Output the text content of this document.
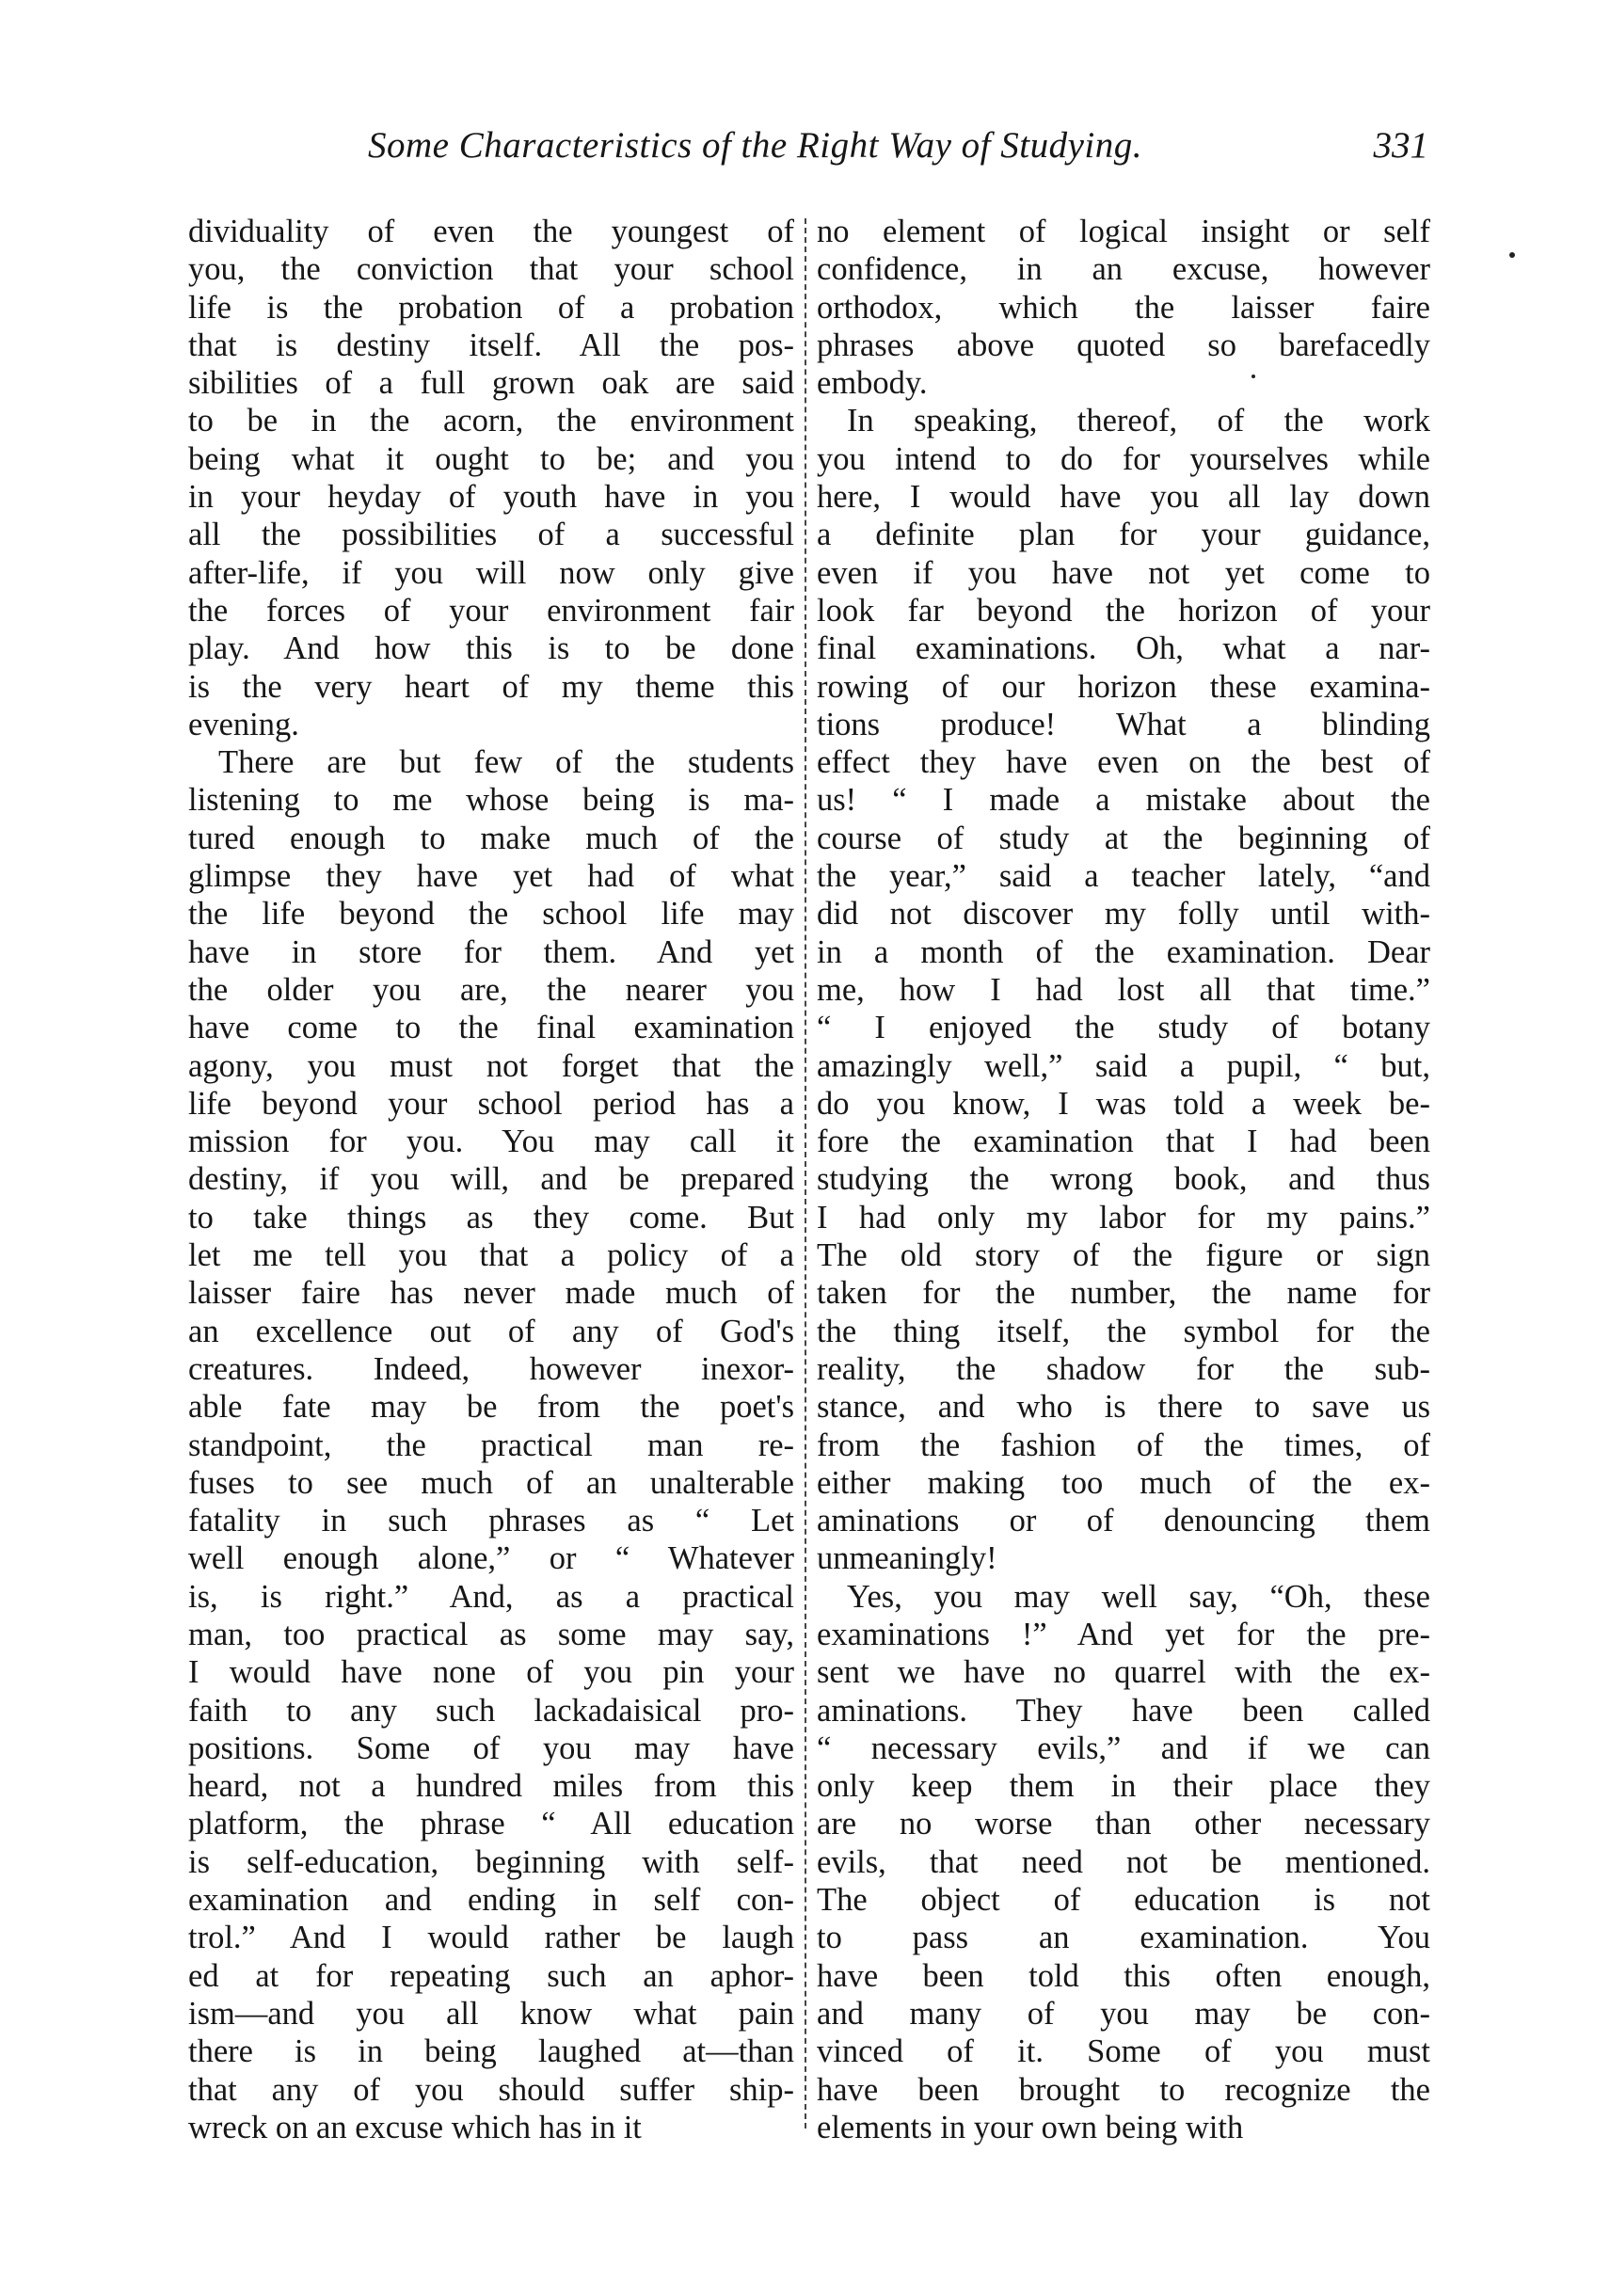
Some Characteristics of the Right Way of Studying.	331
dividuality of even the youngest of
you, the conviction that your school
life is the probation of a probation
that is destiny itself. All the pos-
sibilities of a full grown oak are said
to be in the acorn, the environment
being what it ought to be; and you
in your heyday of youth have in you
all the possibilities of a successful
after-life, if you will now only give
the forces of your environment fair
play. And how this is to be done
is the very heart of my theme this
evening.
There are but few of the students
listening to me whose being is ma-
tured enough to make much of the
glimpse they have yet had of what
the life beyond the school life may
have in store for them. And yet
the older you are, the nearer you
have come to the final examination
agony, you must not forget that the
life beyond your school period has a
mission for you. You may call it
destiny, if you will, and be prepared
to take things as they come. But
let me tell you that a policy of a
laisser faire has never made much of
an excellence out of any of God's
creatures. Indeed, however inexor-
able fate may be from the poet's
standpoint, the practical man re-
fuses to see much of an unalterable
fatality in such phrases as “ Let
well enough alone,” or “ Whatever
is, is right.” And, as a practical
man, too practical as some may say,
I would have none of you pin your
faith to any such lackadaisical pro-
positions. Some of you may have
heard, not a hundred miles from this
platform, the phrase “ All education
is self-education, beginning with self-
examination and ending in self con-
trol.” And I would rather be laugh
ed at for repeating such an aphor-
ism—and you all know what pain
there is in being laughed at—than
that any of you should suffer ship-
wreck on an excuse which has in it
no element of logical insight or self
confidence, in an excuse, however
orthodox, which the laisser faire
phrases above quoted so barefacedly
embody.
In speaking, thereof, of the work
you intend to do for yourselves while
here, I would have you all lay down
a definite plan for your guidance,
even if you have not yet come to
look far beyond the horizon of your
final examinations. Oh, what a nar-
rowing of our horizon these examina-
tions produce! What a blinding
effect they have even on the best of
us! “ I made a mistake about the
course of study at the beginning of
the year,” said a teacher lately, “and
did not discover my folly until with-
in a month of the examination. Dear
me, how I had lost all that time.”
“ I enjoyed the study of botany
amazingly well,” said a pupil, “ but,
do you know, I was told a week be-
fore the examination that I had been
studying the wrong book, and thus
I had only my labor for my pains.”
The old story of the figure or sign
taken for the number, the name for
the thing itself, the symbol for the
reality, the shadow for the sub-
stance, and who is there to save us
from the fashion of the times, of
either making too much of the ex-
aminations or of denouncing them
unmeaningly!
Yes, you may well say, “Oh, these
examinations !” And yet for the pre-
sent we have no quarrel with the ex-
aminations. They have been called
“ necessary evils,” and if we can
only keep them in their place they
are no worse than other necessary
evils, that need not be mentioned.
The object of education is not
to pass an examination. You
have been told this often enough,
and many of you may be con-
vinced of it. Some of you must
have been brought to recognize the
elements in your own being with
